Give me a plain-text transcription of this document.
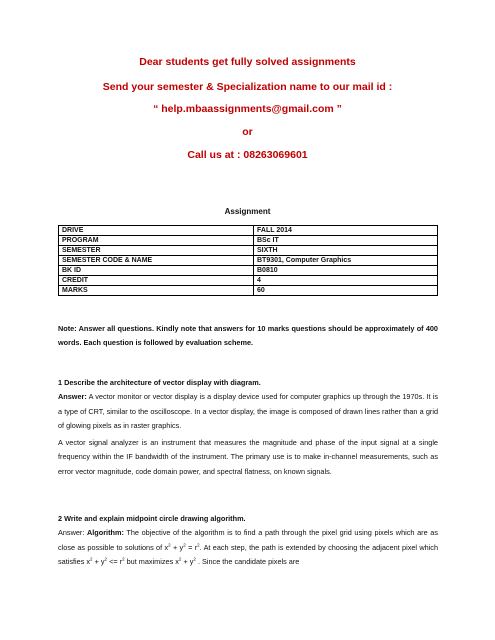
Dear students get fully solved assignments
Send your semester & Specialization name to our mail id :
“ help.mbaassignments@gmail.com ”
or
Call us at : 08263069601
Assignment
DRIVE	FALL 2014
PROGRAM	BSc IT
SEMESTER	SIXTH
SEMESTER CODE & NAME	BT9301, Computer Graphics
BK ID	B0810
CREDIT	4
MARKS	60
Note: Answer all questions. Kindly note that answers for 10 marks questions should be approximately of 400 words. Each question is followed by evaluation scheme.
1 Describe the architecture of vector display with diagram.
Answer: A vector monitor or vector display is a display device used for computer graphics up through the 1970s. It is a type of CRT, similar to the oscilloscope. In a vector display, the image is composed of drawn lines rather than a grid of glowing pixels as in raster graphics.
A vector signal analyzer is an instrument that measures the magnitude and phase of the input signal at a single frequency within the IF bandwidth of the instrument. The primary use is to make in-channel measurements, such as error vector magnitude, code domain power, and spectral flatness, on known signals.
2 Write and explain midpoint circle drawing algorithm.
Answer: Algorithm: The objective of the algorithm is to find a path through the pixel grid using pixels which are as close as possible to solutions of $x^2 + y^2 = r^2$. At each step, the path is extended by choosing the adjacent pixel which satisfies $x^2 + y^2 <= r^2$ but maximizes $x^2 + y^2$ . Since the candidate pixels are
